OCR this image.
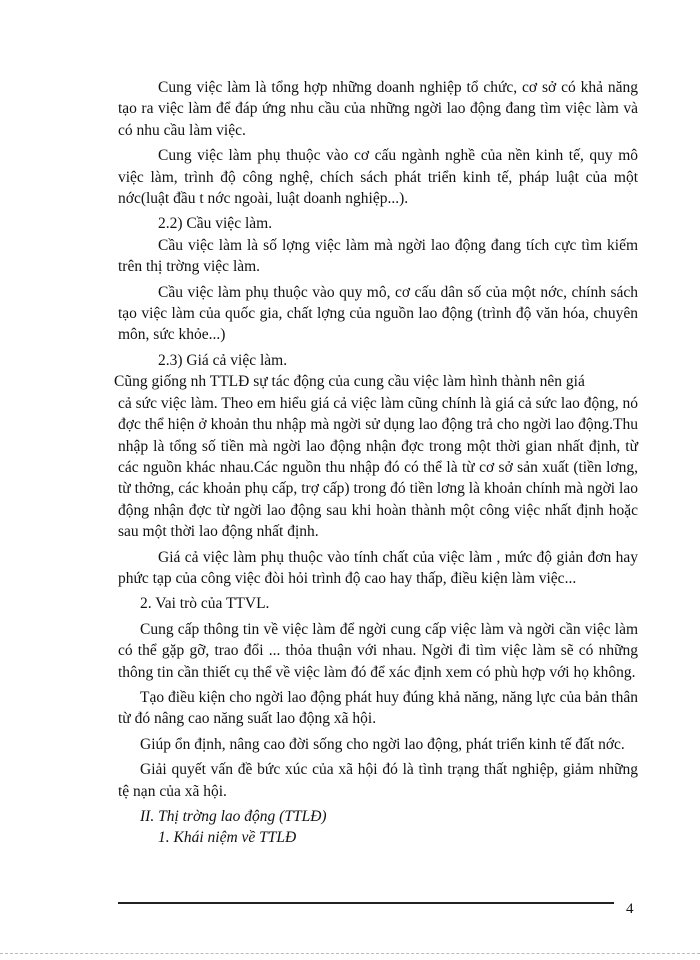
Cung việc làm là tổng hợp những doanh nghiệp tổ chức, cơ sở có khả năng tạo ra việc làm để đáp ứng nhu cầu của những ngời lao động đang tìm việc làm và có nhu cầu làm việc.

Cung việc làm phụ thuộc vào cơ cấu ngành nghề của nền kinh tế, quy mô việc làm, trình độ công nghệ, chích sách phát triển kinh tế, pháp luật của một nớc(luật đầu t nớc ngoài, luật doanh nghiệp...).

2.2) Cầu việc làm.

Cầu việc làm là số lợng việc làm mà ngời lao động đang tích cực tìm kiếm trên thị trờng việc làm.

Cầu việc làm phụ thuộc vào quy mô, cơ cấu dân số của một nớc, chính sách tạo việc làm của quốc gia, chất lợng của nguồn lao động (trình độ văn hóa, chuyên môn, sức khỏe...)

2.3) Giá cả việc làm.

Cũng giống nh TTLĐ sự tác động của cung cầu việc làm hình thành nên giá

cả sức việc làm. Theo em hiểu giá cả việc làm cũng chính là giá cả sức lao động, nó đợc thể hiện ở khoản thu nhập mà ngời sử dụng lao động trả cho ngời lao động.Thu nhập là tổng số tiền mà ngời lao động nhận đợc trong một thời gian nhất định, từ các nguồn khác nhau.Các nguồn thu nhập đó có thể là từ cơ sở sản xuất (tiền lơng, từ thởng, các khoản phụ cấp, trợ cấp) trong đó tiền lơng là khoản chính mà ngời lao động nhận đợc từ ngời lao động sau khi hoàn thành một công việc nhất định hoặc sau một thời lao động nhất định.

Giá cả việc làm phụ thuộc vào tính chất của việc làm , mức độ giản đơn hay phức tạp của công việc đòi hỏi trình độ cao hay thấp, điều kiện làm việc...

2. Vai trò của TTVL.

Cung cấp thông tin về việc làm để ngời cung cấp việc làm và ngời cần việc làm có thể gặp gỡ, trao đổi ... thỏa thuận với nhau. Ngời đi tìm việc làm sẽ có những thông tin cần thiết cụ thể về việc làm đó để xác định xem có phù hợp với họ không.

Tạo điều kiện cho ngời lao động phát huy đúng khả năng, năng lực của bản thân từ đó nâng cao năng suất lao động xã hội.

Giúp ổn định, nâng cao đời sống cho ngời lao động, phát triển kinh tế đất nớc.

Giải quyết vấn đề bức xúc của xã hội đó là tình trạng thất nghiệp, giảm những tệ nạn của xã hội.

II. Thị trờng lao động (TTLĐ)

1. Khái niệm về TTLĐ

4
